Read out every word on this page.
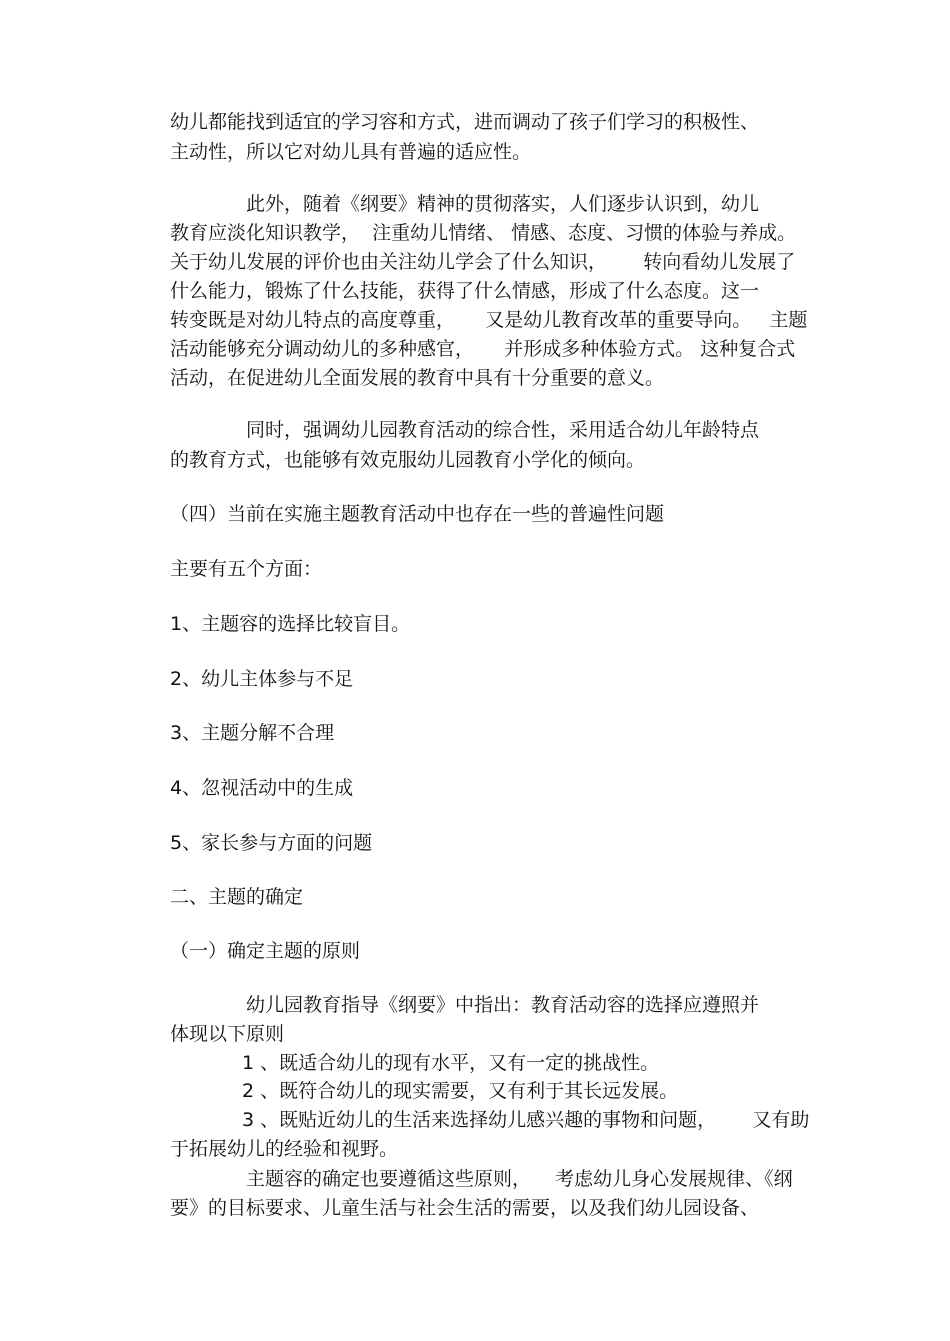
幼儿都能找到适宜的学习容和方式，进而调动了孩子们学习的积极性、
主动性，所以它对幼儿具有普遍的适应性。
此外，随着《纲要》精神的贯彻落实，人们逐步认识到，幼儿
教育应淡化知识教学，  注重幼儿情绪、 情感、态度、习惯的体验与养成。
关于幼儿发展的评价也由关注幼儿学会了什么知识，      转向看幼儿发展了
什么能力，锻炼了什么技能，获得了什么情感，形成了什么态度。这一
转变既是对幼儿特点的高度尊重，     又是幼儿教育改革的重要导向。   主题
活动能够充分调动幼儿的多种感官，     并形成多种体验方式。 这种复合式
活动，在促进幼儿全面发展的教育中具有十分重要的意义。
同时，强调幼儿园教育活动的综合性，采用适合幼儿年龄特点
的教育方式，也能够有效克服幼儿园教育小学化的倾向。
（四）当前在实施主题教育活动中也存在一些的普遍性问题
主要有五个方面：
1、主题容的选择比较盲目。
2、幼儿主体参与不足
3、主题分解不合理
4、忽视活动中的生成
5、家长参与方面的问题
二、主题的确定
（一）确定主题的原则
幼儿园教育指导《纲要》中指出：教育活动容的选择应遵照并
体现以下原则
1 、既适合幼儿的现有水平，又有一定的挑战性。
2 、既符合幼儿的现实需要，又有利于其长远发展。
3 、既贴近幼儿的生活来选择幼儿感兴趣的事物和问题，      又有助
于拓展幼儿的经验和视野。
主题容的确定也要遵循这些原则，    考虑幼儿身心发展规律、《纲
要》的目标要求、儿童生活与社会生活的需要，以及我们幼儿园设备、
